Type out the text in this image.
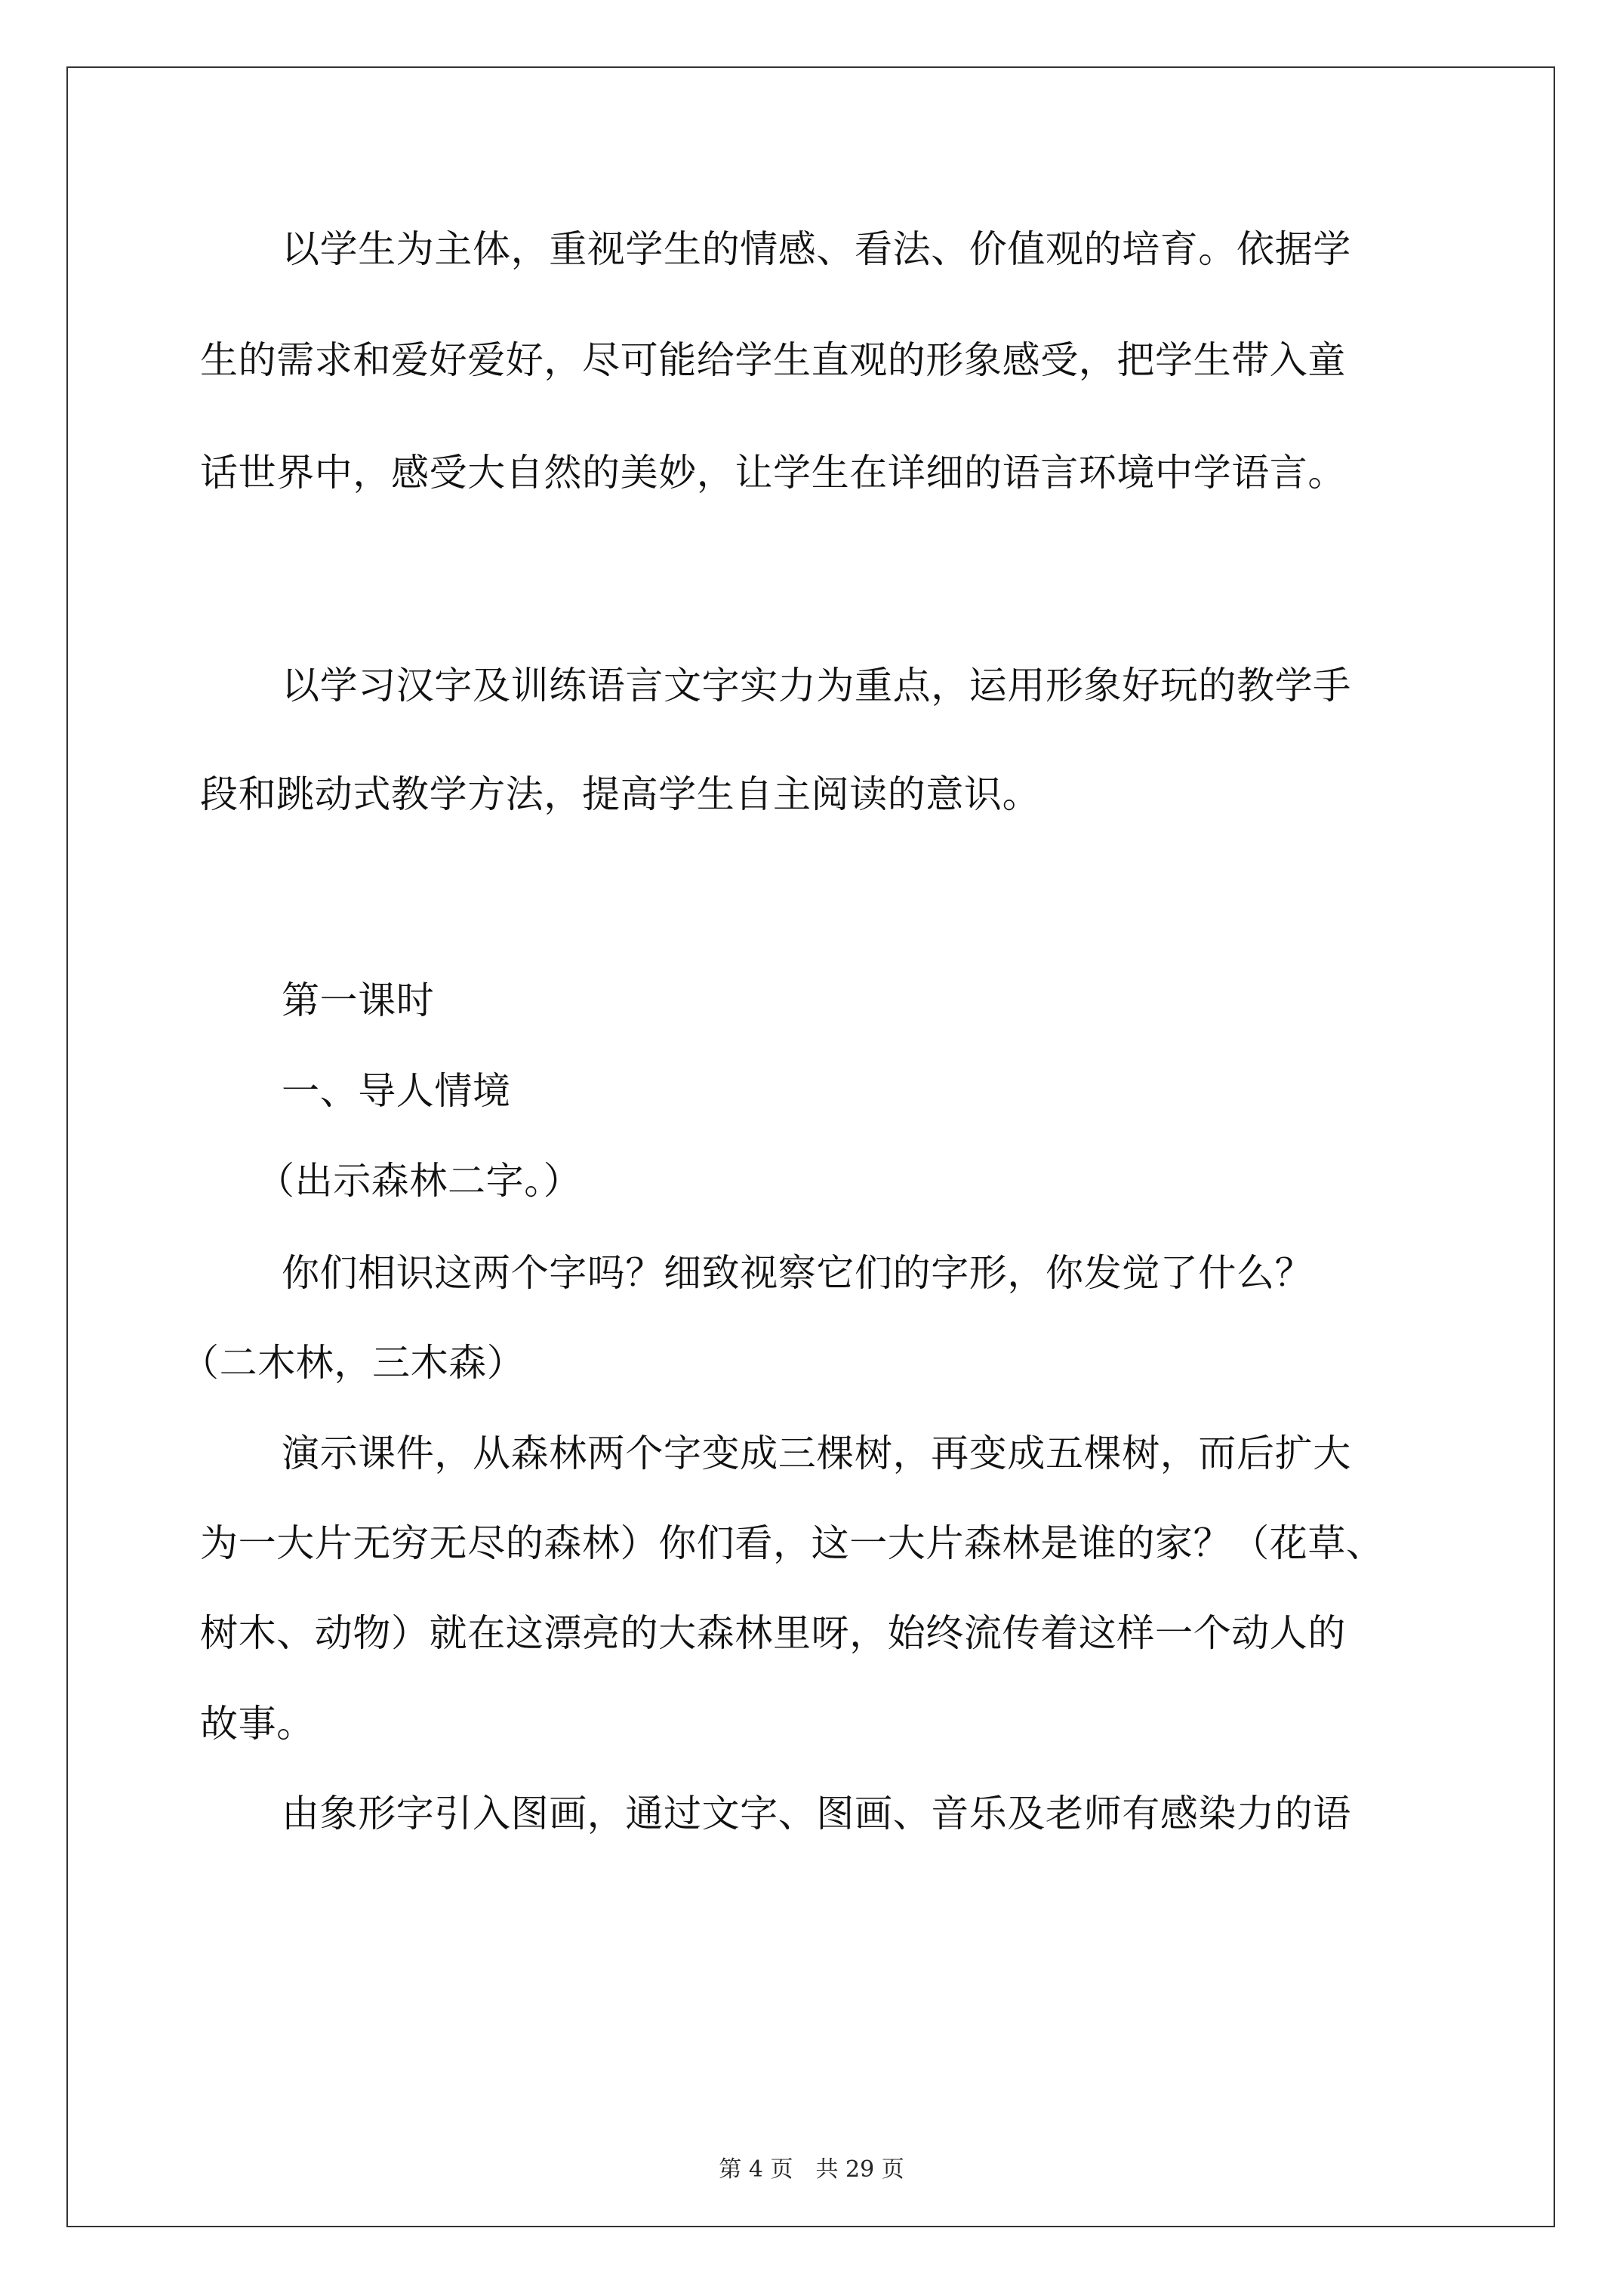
以学生为主体，重视学生的情感、看法、价值观的培育。依据学
生的需求和爱好爱好，尽可能给学生直观的形象感受，把学生带入童
话世界中，感受大自然的美妙，让学生在详细的语言环境中学语言。
以学习汉字及训练语言文字实力为重点，运用形象好玩的教学手
段和跳动式教学方法，提高学生自主阅读的意识。
第一课时
一、导人情境
（出示森林二字。）
你们相识这两个字吗？细致视察它们的字形，你发觉了什么？
（二木林，三木森）
演示课件，从森林两个字变成三棵树，再变成五棵树，而后扩大
为一大片无穷无尽的森林）你们看，这一大片森林是谁的家？（花草、
树木、动物）就在这漂亮的大森林里呀，始终流传着这样一个动人的
故事。
由象形字引入图画，通过文字、图画、音乐及老师有感染力的语
第 4 页　共 29 页
